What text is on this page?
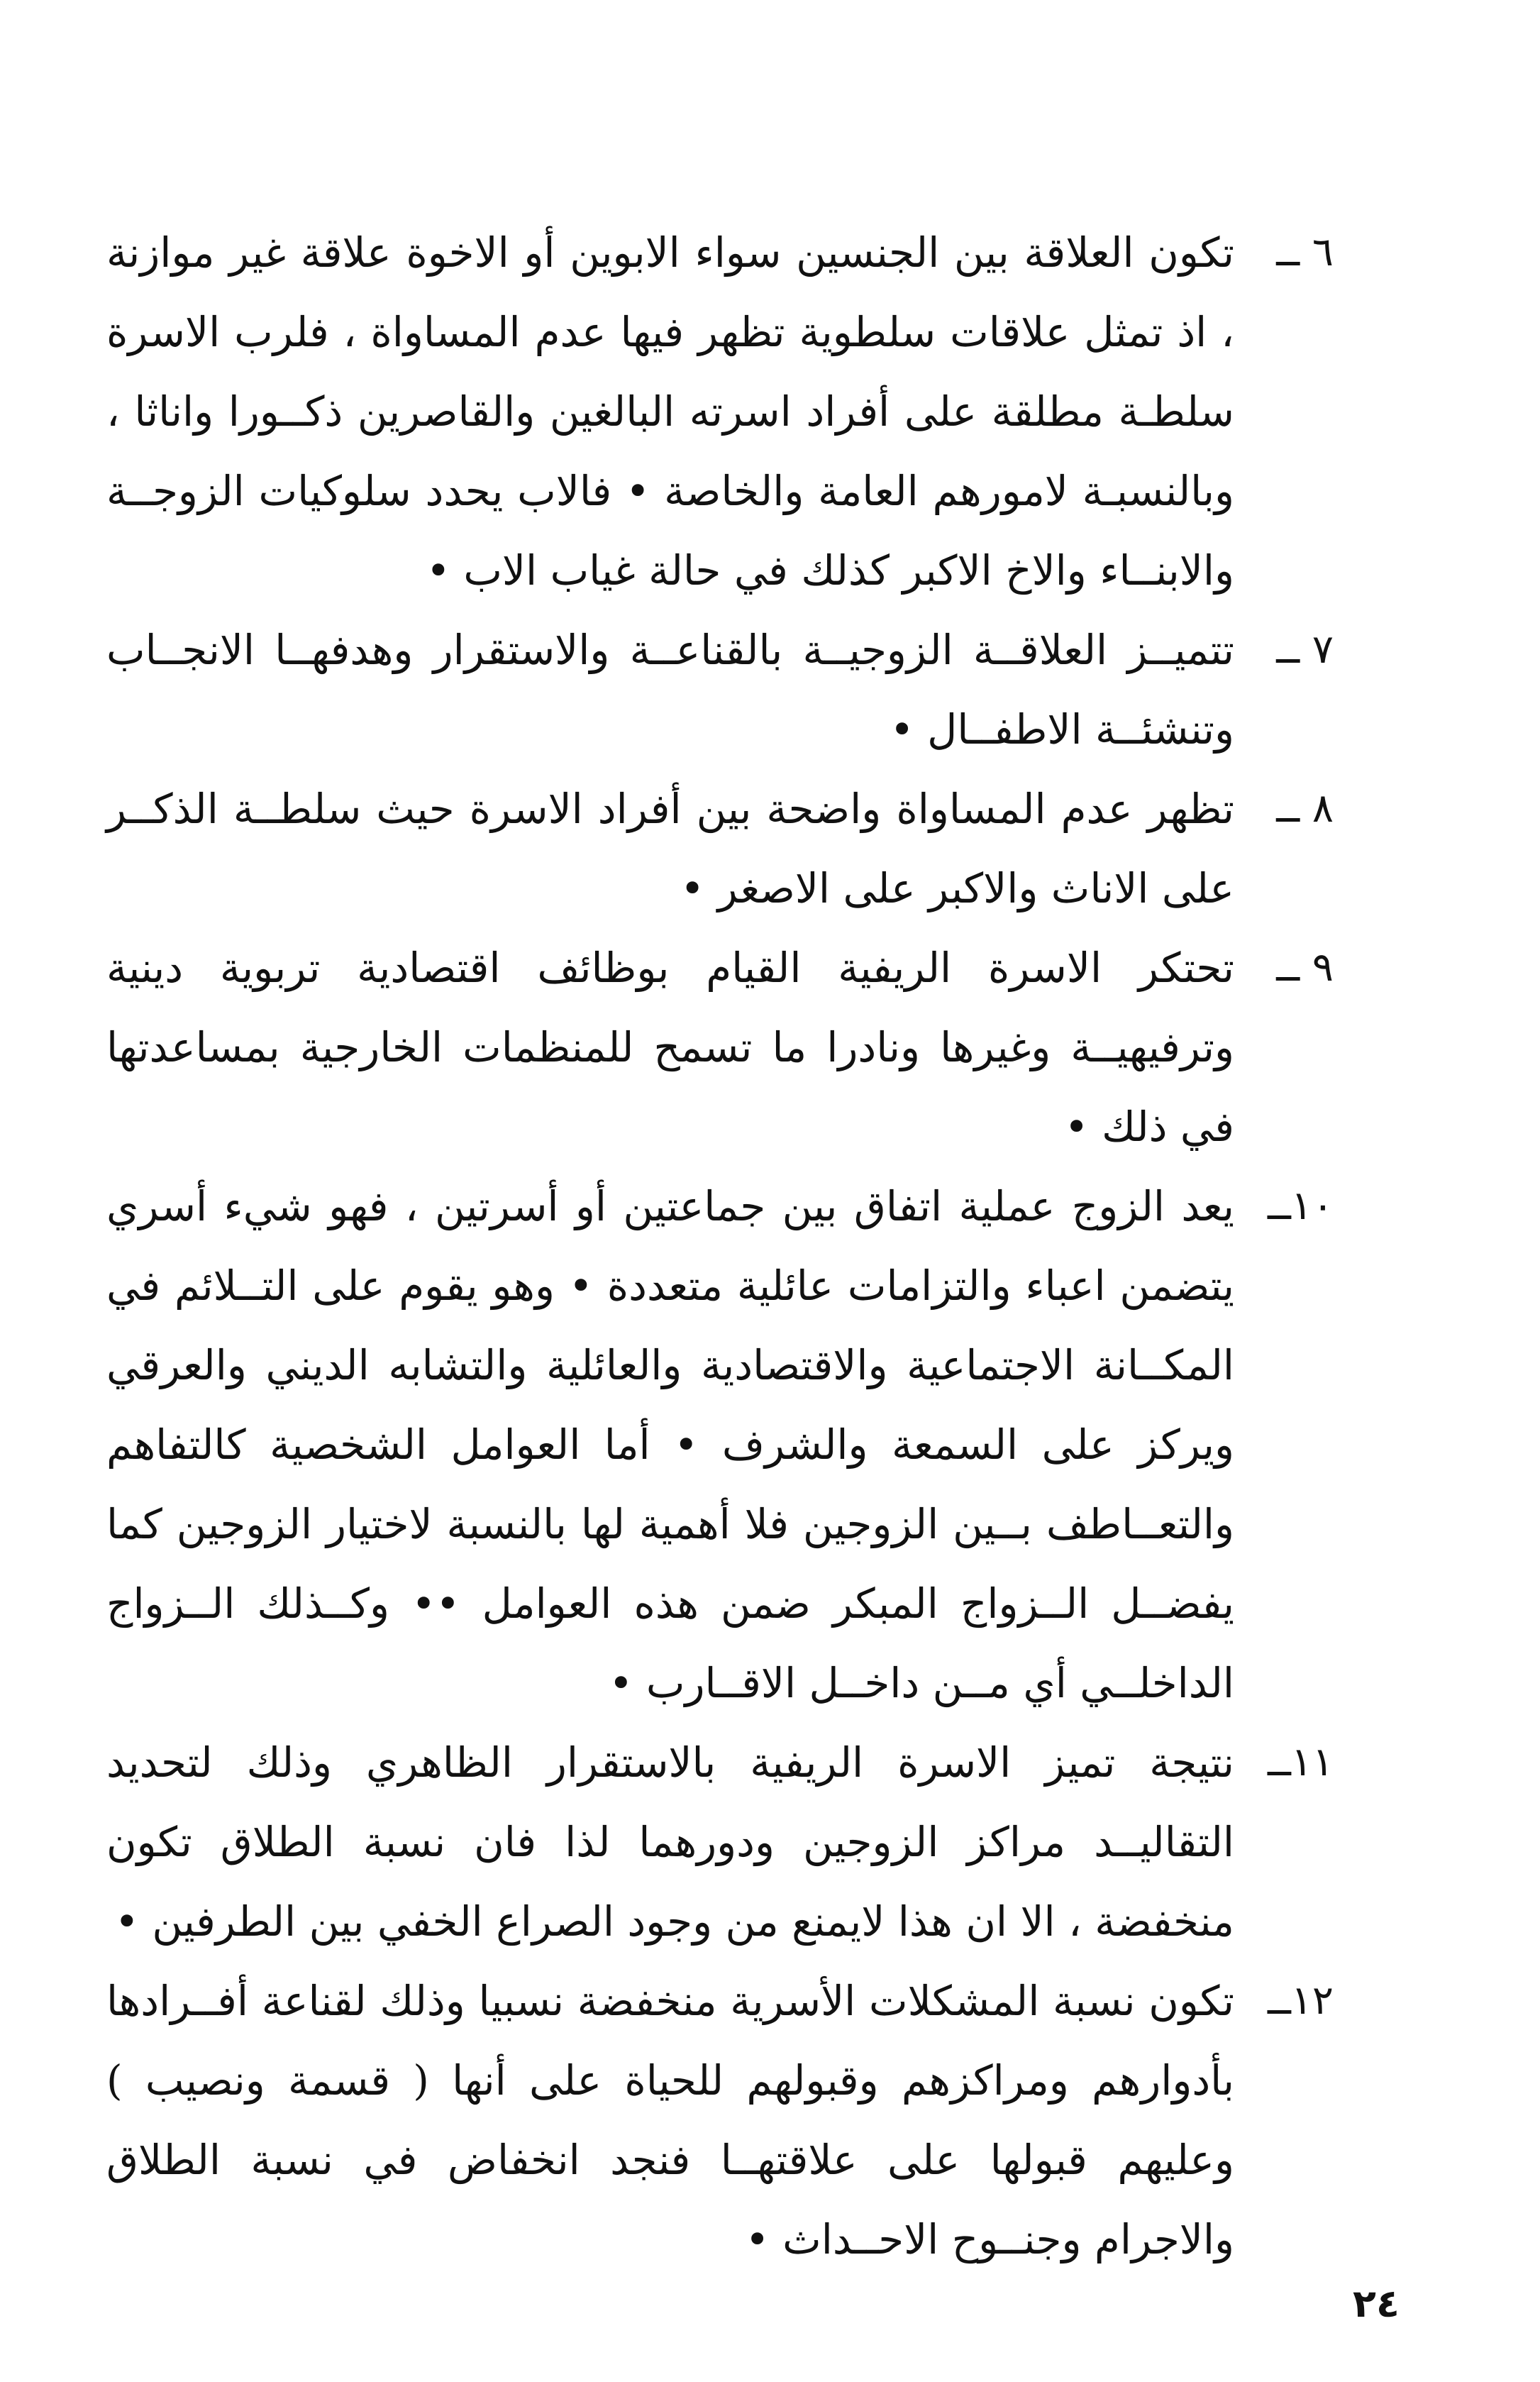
٦ ــ

تكون العلاقة بين الجنسين سواء الابوين أو الاخوة علاقة غير موازنة ، اذ تمثل علاقات سلطوية تظهر فيها عدم المساواة ، فلرب الاسرة سلطـة مطلقة على أفراد اسرته البالغين والقاصرين ذكــورا واناثا ، وبالنسبـة لامورهم العامة والخاصة • فالاب يحدد سلوكيات الزوجــة والابنــاء والاخ الاكبر كذلك في حالة غياب الاب •

٧ ــ

تتميــز العلاقــة الزوجيــة بالقناعــة والاستقرار وهدفهــا الانجــاب وتنشئــة الاطفــال •

٨ ــ

تظهر عدم المساواة واضحة بين أفراد الاسرة حيث سلطــة الذكــر على الاناث والاكبر على الاصغر •

٩ ــ

تحتكر الاسرة الريفية القيام بوظائف اقتصادية تربوية دينية وترفيهيــة وغيرها ونادرا ما تسمح للمنظمات الخارجية بمساعدتها في ذلك •

١٠ــ

يعد الزوج عملية اتفاق بين جماعتين أو أسرتين ، فهو شيء أسري يتضمن اعباء والتزامات عائلية متعددة • وهو يقوم على التــلائم في المكــانة الاجتماعية والاقتصادية والعائلية والتشابه الديني والعرقي ويركز على السمعة والشرف • أما العوامل الشخصية كالتفاهم والتعــاطف بــين الزوجين فلا أهمية لها بالنسبة لاختيار الزوجين كما يفضــل الــزواج المبكر ضمن هذه العوامل •• وكــذلك الــزواج الداخلــي أي مــن داخــل الاقــارب •

١١ــ

نتيجة تميز الاسرة الريفية بالاستقرار الظاهري وذلك لتحديد التقاليــد مراكز الزوجين ودورهما لذا فان نسبة الطلاق تكون منخفضة ، الا ان هذا لايمنع من وجود الصراع الخفي بين الطرفين •

١٢ــ

تكون نسبة المشكلات الأسرية منخفضة نسبيا وذلك لقناعة أفــرادها بأدوارهم ومراكزهم وقبولهم للحياة على أنها ( قسمة ونصيب ) وعليهم قبولها على علاقتهــا فنجد انخفاض في نسبة الطلاق والاجرام وجنــوح الاحــداث •

٢٤
